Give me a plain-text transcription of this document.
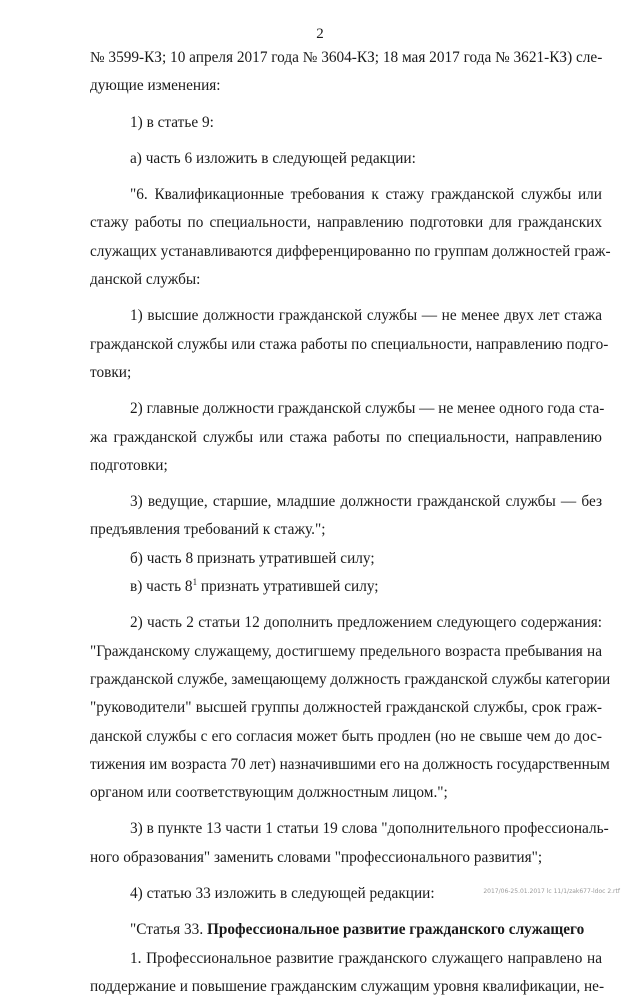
2
№ 3599-КЗ; 10 апреля 2017 года № 3604-КЗ; 18 мая 2017 года № 3621-КЗ) сле-
дующие изменения:
1) в статье 9:
а) часть 6 изложить в следующей редакции:
"6. Квалификационные требования к стажу гражданской службы или
стажу работы по специальности, направлению подготовки для гражданских
служащих устанавливаются дифференцированно по группам должностей граж-
данской службы:
1) высшие должности гражданской службы — не менее двух лет стажа
гражданской службы или стажа работы по специальности, направлению подго-
товки;
2) главные должности гражданской службы — не менее одного года ста-
жа гражданской службы или стажа работы по специальности, направлению
подготовки;
3) ведущие, старшие, младшие должности гражданской службы — без
предъявления требований к стажу.";
б) часть 8 признать утратившей силу;
в) часть $8^1$ признать утратившей силу;
2) часть 2 статьи 12 дополнить предложением следующего содержания:
"Гражданскому служащему, достигшему предельного возраста пребывания на
гражданской службе, замещающему должность гражданской службы категории
"руководители" высшей группы должностей гражданской службы, срок граж-
данской службы с его согласия может быть продлен (но не свыше чем до дос-
тижения им возраста 70 лет) назначившими его на должность государственным
органом или соответствующим должностным лицом.";
3) в пункте 13 части 1 статьи 19 слова "дополнительного профессиональ-
ного образования" заменить словами "профессионального развития";
4) статью 33 изложить в следующей редакции:
"Статья 33. Профессиональное развитие гражданского служащего
1. Профессиональное развитие гражданского служащего направлено на
поддержание и повышение гражданским служащим уровня квалификации, не-
2017/06-25.01.2017 lc 11/1/zak677-ldoc 2.rtf
